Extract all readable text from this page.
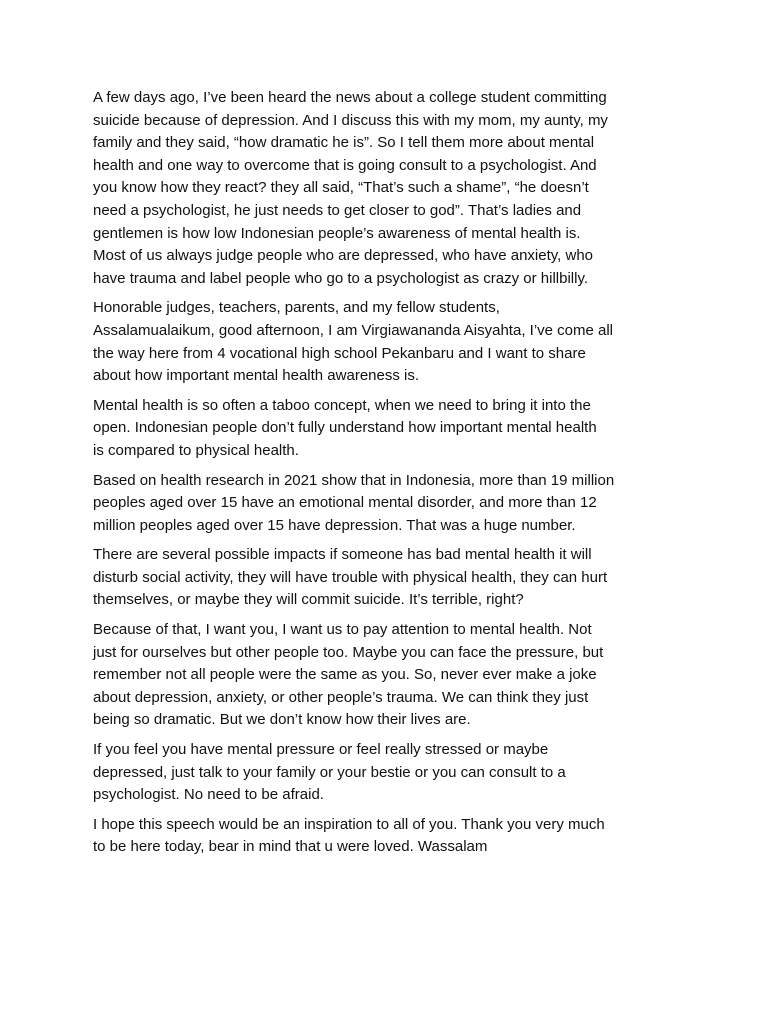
A few days ago, I’ve been heard the news about a college student committing
suicide because of depression. And I discuss this with my mom, my aunty, my
family and they said, “how dramatic he is”. So I tell them more about mental
health and one way to overcome that is going consult to a psychologist. And
you know how they react? they all said, “That’s such a shame”, “he doesn’t
need a psychologist, he just needs to get closer to god”. That’s ladies and
gentlemen is how low Indonesian people’s awareness of mental health is.
Most of us always judge people who are depressed, who have anxiety, who
have trauma and label people who go to a psychologist as crazy or hillbilly.

Honorable judges, teachers, parents, and my fellow students,
Assalamualaikum, good afternoon, I am Virgiawananda Aisyahta, I’ve come all
the way here from 4 vocational high school Pekanbaru and I want to share
about how important mental health awareness is.

Mental health is so often a taboo concept, when we need to bring it into the
open. Indonesian people don’t fully understand how important mental health
is compared to physical health.

Based on health research in 2021 show that in Indonesia, more than 19 million
peoples aged over 15 have an emotional mental disorder, and more than 12
million peoples aged over 15 have depression. That was a huge number.

There are several possible impacts if someone has bad mental health it will
disturb social activity, they will have trouble with physical health, they can hurt
themselves, or maybe they will commit suicide. It’s terrible, right?

Because of that, I want you, I want us to pay attention to mental health. Not
just for ourselves but other people too. Maybe you can face the pressure, but
remember not all people were the same as you. So, never ever make a joke
about depression, anxiety, or other people’s trauma. We can think they just
being so dramatic. But we don’t know how their lives are.

If you feel you have mental pressure or feel really stressed or maybe
depressed, just talk to your family or your bestie or you can consult to a
psychologist. No need to be afraid.

I hope this speech would be an inspiration to all of you. Thank you very much
to be here today, bear in mind that u were loved. Wassalam
